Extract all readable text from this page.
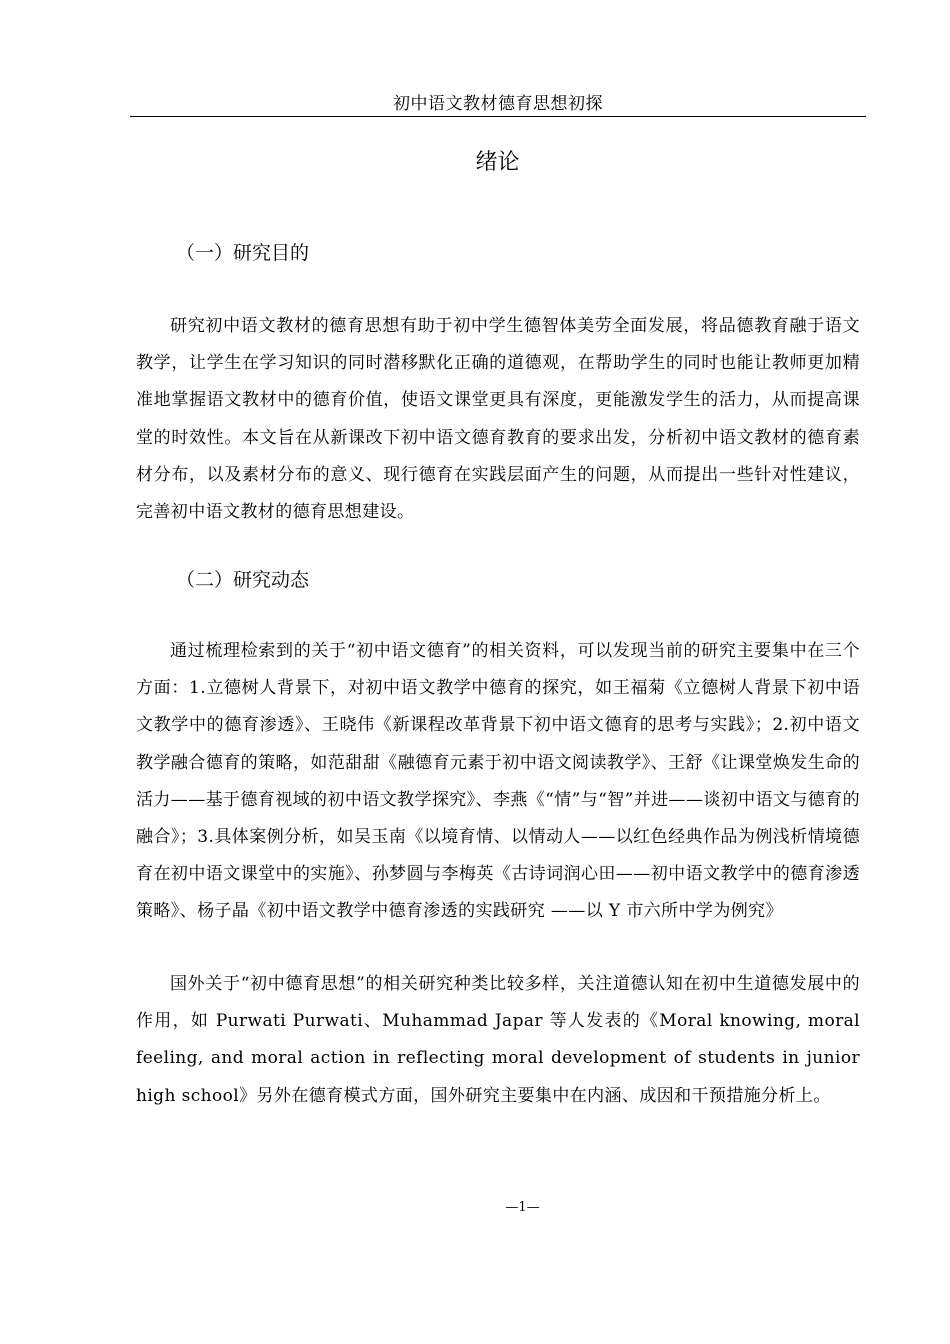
初中语文教材德育思想初探
绪论
（一）研究目的

研究初中语文教材的德育思想有助于初中学生德智体美劳全面发展，将品德教育融于语文教学，让学生在学习知识的同时潜移默化正确的道德观，在帮助学生的同时也能让教师更加精准地掌握语文教材中的德育价值，使语文课堂更具有深度，更能激发学生的活力，从而提高课堂的时效性。本文旨在从新课改下初中语文德育教育的要求出发，分析初中语文教材的德育素材分布，以及素材分布的意义、现行德育在实践层面产生的问题，从而提出一些针对性建议，完善初中语文教材的德育思想建设。

（二）研究动态

通过梳理检索到的关于“初中语文德育”的相关资料，可以发现当前的研究主要集中在三个方面：1.立德树人背景下，对初中语文教学中德育的探究，如王福菊《立德树人背景下初中语文教学中的德育渗透》、王晓伟《新课程改革背景下初中语文德育的思考与实践》；2.初中语文教学融合德育的策略，如范甜甜《融德育元素于初中语文阅读教学》、王舒《让课堂焕发生命的活力——基于德育视域的初中语文教学探究》、李燕《“情”与“智”并进——谈初中语文与德育的融合》；3.具体案例分析，如吴玉南《以境育情、以情动人——以红色经典作品为例浅析情境德育在初中语文课堂中的实施》、孙梦圆与李梅英《古诗词润心田——初中语文教学中的德育渗透策略》、杨子晶《初中语文教学中德育渗透的实践研究 ——以 Y 市六所中学为例究》

国外关于“初中德育思想”的相关研究种类比较多样，关注道德认知在初中生道德发展中的作用，如 Purwati Purwati、Muhammad Japar 等人发表的《Moral knowing, moral feeling, and moral action in reflecting moral development of students in junior high school》另外在德育模式方面，国外研究主要集中在内涵、成因和干预措施分析上。

—1—
